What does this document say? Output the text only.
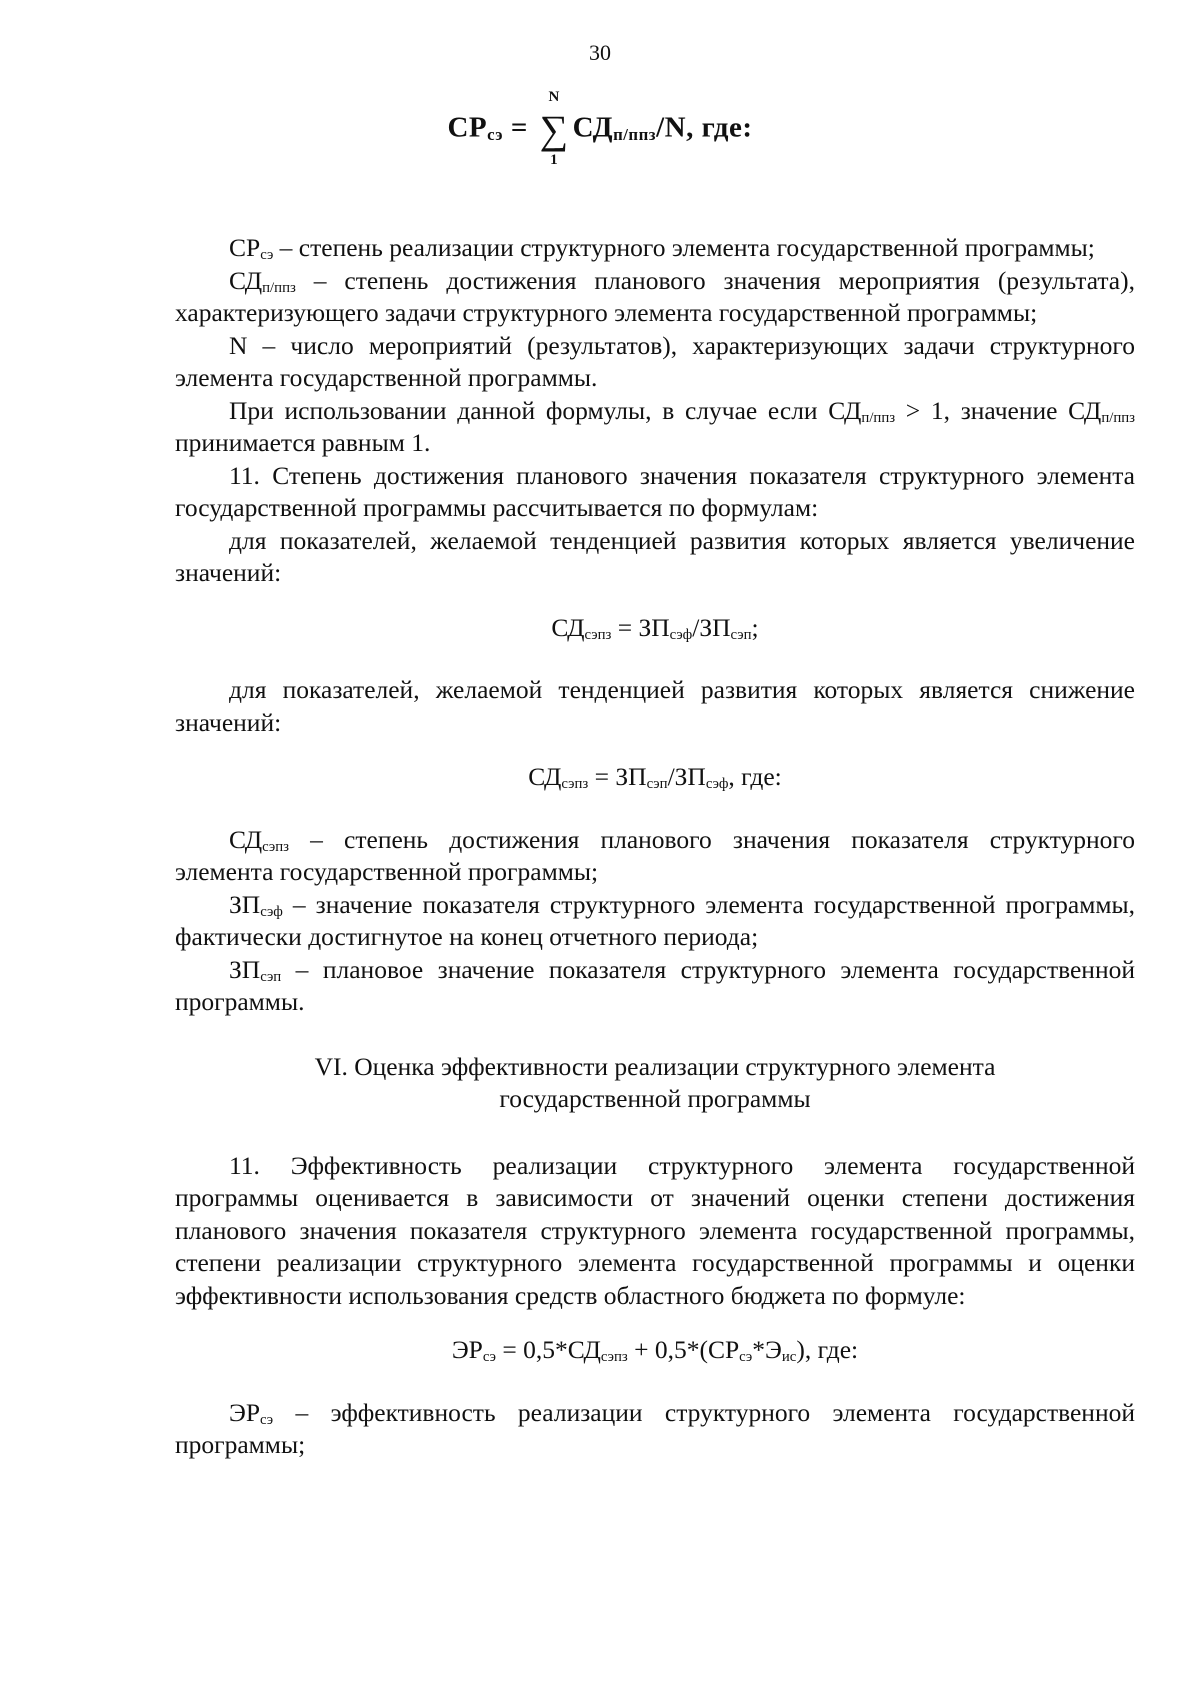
30
СРсэ =
N
∑
1
СДп/ппз/N, где:

$СР_{сэ}$ – степень реализации структурного элемента государственной программы;

$СД_{п/ппз}$ – степень достижения планового значения мероприятия (результата), характеризующего задачи структурного элемента государственной программы;

N – число мероприятий (результатов), характеризующих задачи структурного элемента государственной программы.

При использовании данной формулы, в случае если $СД_{п/ппз} > 1$, значение $СД_{п/ппз}$ принимается равным 1.

11. Степень достижения планового значения показателя структурного элемента государственной программы рассчитывается по формулам:

для показателей, желаемой тенденцией развития которых является увеличение значений:

$СД_{сэпз} = ЗП_{сэф}/ЗП_{сэп}$;

для показателей, желаемой тенденцией развития которых является снижение значений:

$СД_{сэпз} = ЗП_{сэп}/ЗП_{сэф}$, где:

$СД_{сэпз}$ – степень достижения планового значения показателя структурного элемента государственной программы;

$ЗП_{сэф}$ – значение показателя структурного элемента государственной программы, фактически достигнутое на конец отчетного периода;

$ЗП_{сэп}$ – плановое значение показателя структурного элемента государственной программы.

VI. Оценка эффективности реализации структурного элемента
государственной программы

11. Эффективность реализации структурного элемента государственной программы оценивается в зависимости от значений оценки степени достижения планового значения показателя структурного элемента государственной программы, степени реализации структурного элемента государственной программы и оценки эффективности использования средств областного бюджета по формуле:

$ЭР_{сэ} = 0,5*СД_{сэпз} + 0,5*(СР_{сэ}*Э_{ис})$, где:

$ЭР_{сэ}$ – эффективность реализации структурного элемента государственной программы;
